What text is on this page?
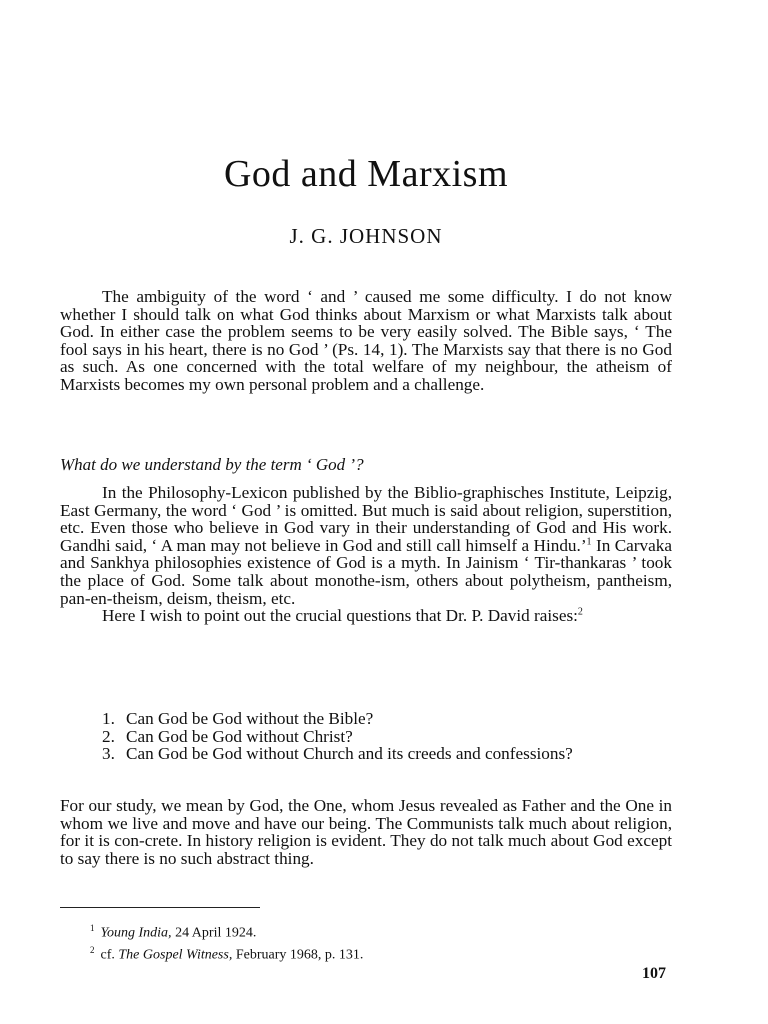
God and Marxism

J. G. JOHNSON

The ambiguity of the word ‘ and ’ caused me some difficulty. I do not know whether I should talk on what God thinks about Marxism or what Marxists talk about God. In either case the problem seems to be very easily solved. The Bible says, ‘ The fool says in his heart, there is no God ’ (Ps. 14, 1). The Marxists say that there is no God as such. As one concerned with the total welfare of my neighbour, the atheism of Marxists becomes my own personal problem and a challenge.

What do we understand by the term ‘ God ’?

In the Philosophy-Lexicon published by the Biblio-graphisches Institute, Leipzig, East Germany, the word ‘ God ’ is omitted. But much is said about religion, superstition, etc. Even those who believe in God vary in their understanding of God and His work. Gandhi said, ‘ A man may not believe in God and still call himself a Hindu.’$^1$ In Carvaka and Sankhya philosophies existence of God is a myth. In Jainism ‘ Tir-thankaras ’ took the place of God. Some talk about monothe-ism, others about polytheism, pantheism, pan-en-theism, deism, theism, etc.

Here I wish to point out the crucial questions that Dr. P. David raises:$^2$

1. Can God be God without the Bible?
2. Can God be God without Christ?
3. Can God be God without Church and its creeds and confessions?

For our study, we mean by God, the One, whom Jesus revealed as Father and the One in whom we live and move and have our being. The Communists talk much about religion, for it is con-crete. In history religion is evident. They do not talk much about God except to say there is no such abstract thing.

$^1$ Young India, 24 April 1924.
$^2$ cf. The Gospel Witness, February 1968, p. 131.
107
